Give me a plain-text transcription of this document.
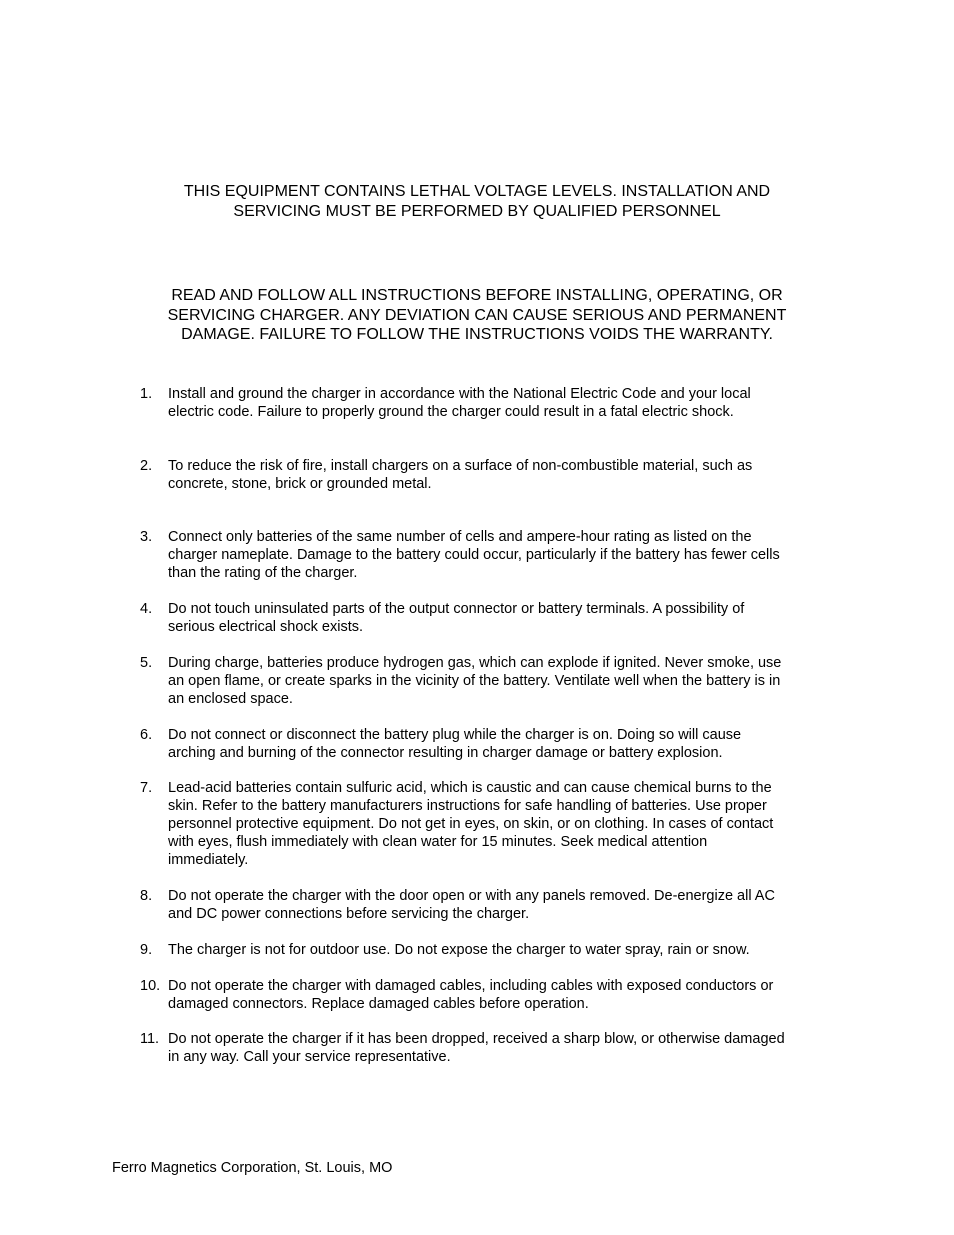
THIS EQUIPMENT CONTAINS LETHAL VOLTAGE LEVELS. INSTALLATION AND
SERVICING MUST BE PERFORMED BY QUALIFIED PERSONNEL

READ AND FOLLOW ALL INSTRUCTIONS BEFORE INSTALLING, OPERATING, OR
SERVICING CHARGER. ANY DEVIATION CAN CAUSE SERIOUS AND PERMANENT
DAMAGE. FAILURE TO FOLLOW THE INSTRUCTIONS VOIDS THE WARRANTY.

1.	Install and ground the charger in accordance with the National Electric Code and your local
electric code. Failure to properly ground the charger could result in a fatal electric shock.
2.	To reduce the risk of fire, install chargers on a surface of non-combustible material, such as
concrete, stone, brick or grounded metal.
3.	Connect only batteries of the same number of cells and ampere-hour rating as listed on the
charger nameplate. Damage to the battery could occur, particularly if the battery has fewer cells
than the rating of the charger.
4.	Do not touch uninsulated parts of the output connector or battery terminals. A possibility of
serious electrical shock exists.
5.	During charge, batteries produce hydrogen gas, which can explode if ignited. Never smoke, use
an open flame, or create sparks in the vicinity of the battery. Ventilate well when the battery is in
an enclosed space.
6.	Do not connect or disconnect the battery plug while the charger is on. Doing so will cause
arching and burning of the connector resulting in charger damage or battery explosion.
7.	Lead-acid batteries contain sulfuric acid, which is caustic and can cause chemical burns to the
skin. Refer to the battery manufacturers instructions for safe handling of batteries. Use proper
personnel protective equipment. Do not get in eyes, on skin, or on clothing. In cases of contact
with eyes, flush immediately with clean water for 15 minutes. Seek medical attention
immediately.
8.	Do not operate the charger with the door open or with any panels removed. De-energize all AC
and DC power connections before servicing the charger.
9.	The charger is not for outdoor use. Do not expose the charger to water spray, rain or snow.
10. Do not operate the charger with damaged cables, including cables with exposed conductors or
damaged connectors. Replace damaged cables before operation.
11. Do not operate the charger if it has been dropped, received a sharp blow, or otherwise damaged
in any way. Call your service representative.
Ferro Magnetics Corporation, St. Louis, MO
